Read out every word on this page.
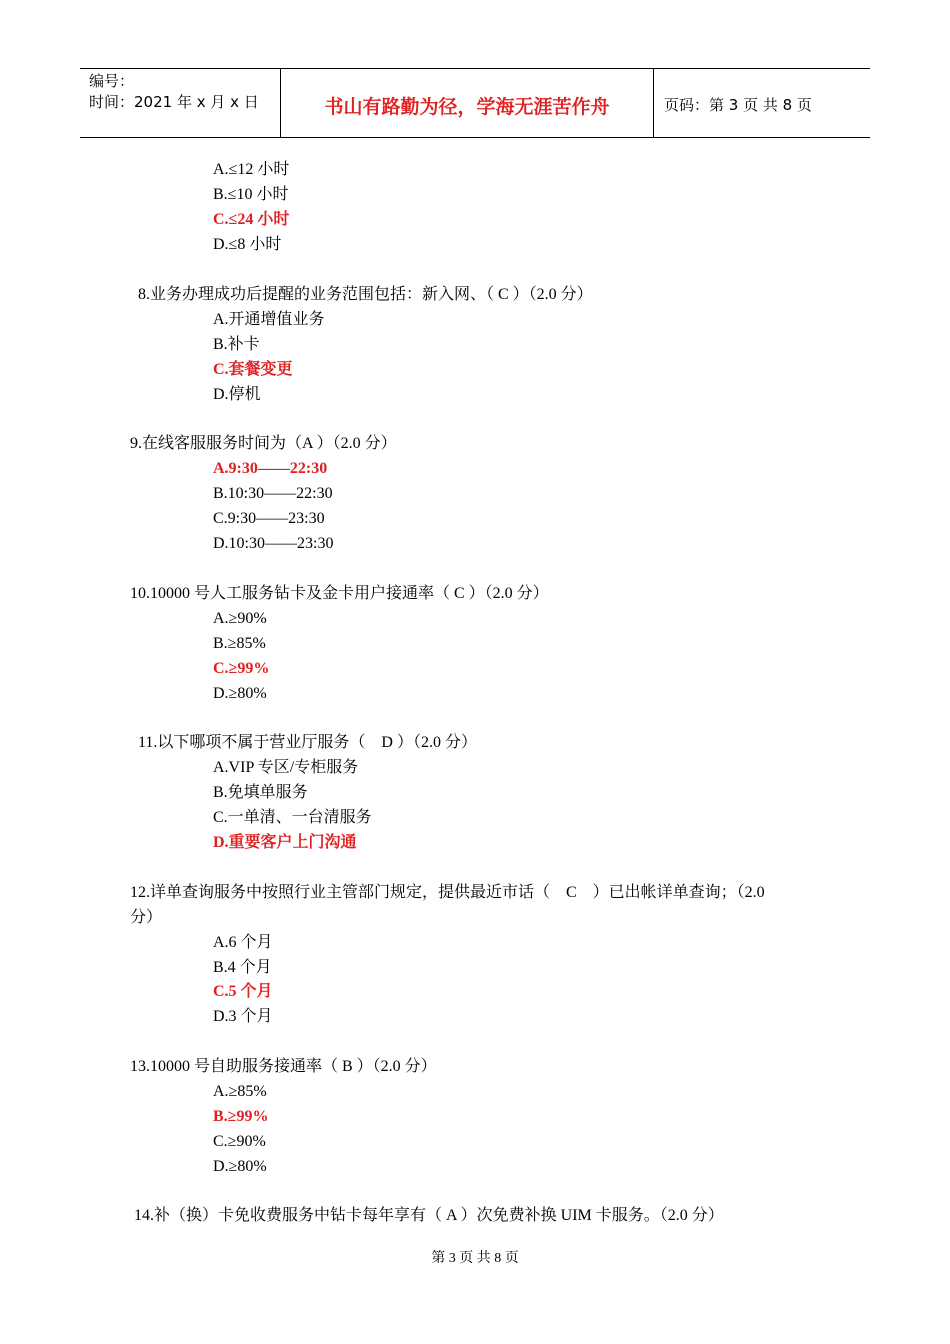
编号：
时间：2021 年 x 月 x 日	书山有路勤为径，学海无涯苦作舟	页码：第 3 页 共 8 页
A.≤12 小时
B.≤10 小时
C.≤24 小时
D.≤8 小时
8.业务办理成功后提醒的业务范围包括：新入网、（ C ）（2.0 分）
A.开通增值业务
B.补卡
C.套餐变更
D.停机
9.在线客服服务时间为（A ）（2.0 分）
A.9:30——22:30
B.10:30——22:30
C.9:30——23:30
D.10:30——23:30
10.10000 号人工服务钻卡及金卡用户接通率（ C ）（2.0 分）
A.≥90%
B.≥85%
C.≥99%
D.≥80%
11.以下哪项不属于营业厅服务（　D ）（2.0 分）
A.VIP 专区/专柜服务
B.免填单服务
C.一单清、一台清服务
D.重要客户上门沟通
12.详单查询服务中按照行业主管部门规定，提供最近市话（　C　）已出帐详单查询；（2.0
分）
A.6 个月
B.4 个月
C.5 个月
D.3 个月
13.10000 号自助服务接通率（ B ）（2.0 分）
A.≥85%
B.≥99%
C.≥90%
D.≥80%
14.补（换）卡免收费服务中钻卡每年享有（ A ）次免费补换 UIM 卡服务。（2.0 分）
第 3 页 共 8 页
